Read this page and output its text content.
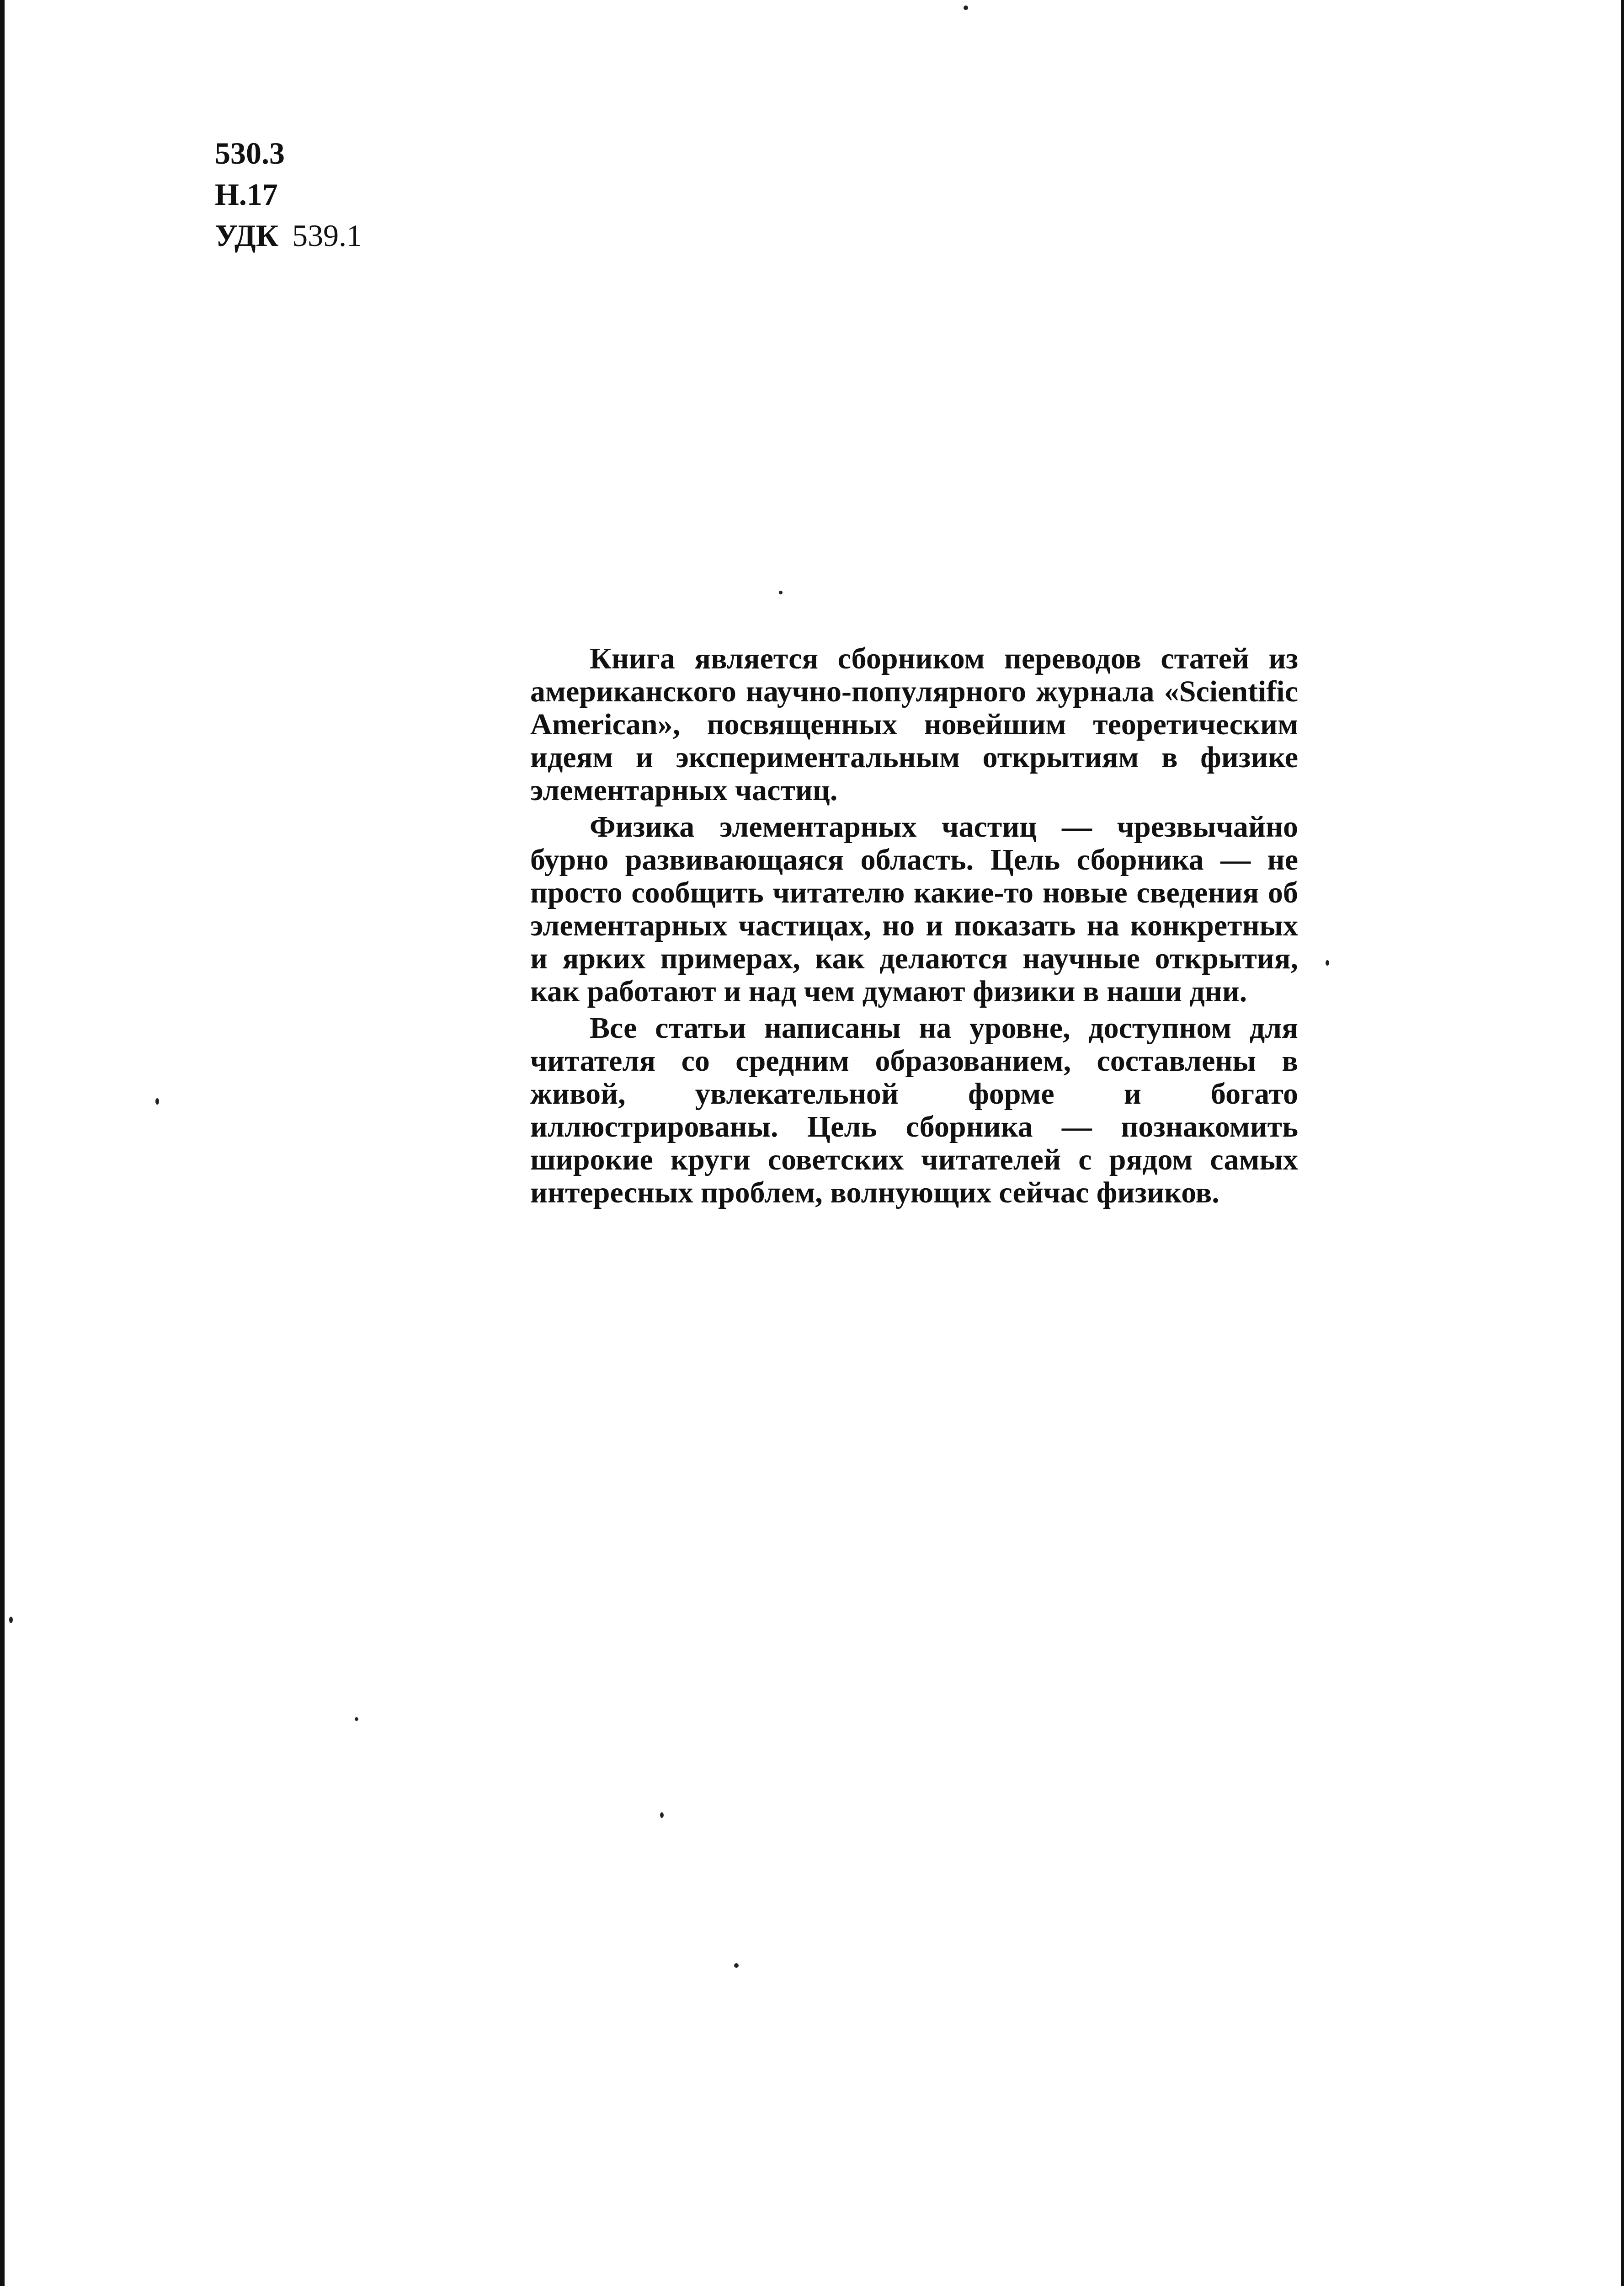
530.3
Н.17
УДК 539.1

Книга является сборником переводов статей из американского научно-популярного журнала «Scientific American», посвященных новейшим теоретическим идеям и экспериментальным открытиям в физике элементарных частиц.

Физика элементарных частиц — чрезвычайно бурно развивающаяся область. Цель сборника — не просто сообщить читателю какие-то новые сведения об элементарных частицах, но и показать на конкретных и ярких примерах, как делаются научные открытия, как работают и над чем думают физики в наши дни.

Все статьи написаны на уровне, доступном для читателя со средним образованием, составлены в живой, увлекательной форме и богато иллюстрированы. Цель сборника — познакомить широкие круги советских читателей с рядом самых интересных проблем, волнующих сейчас физиков.
